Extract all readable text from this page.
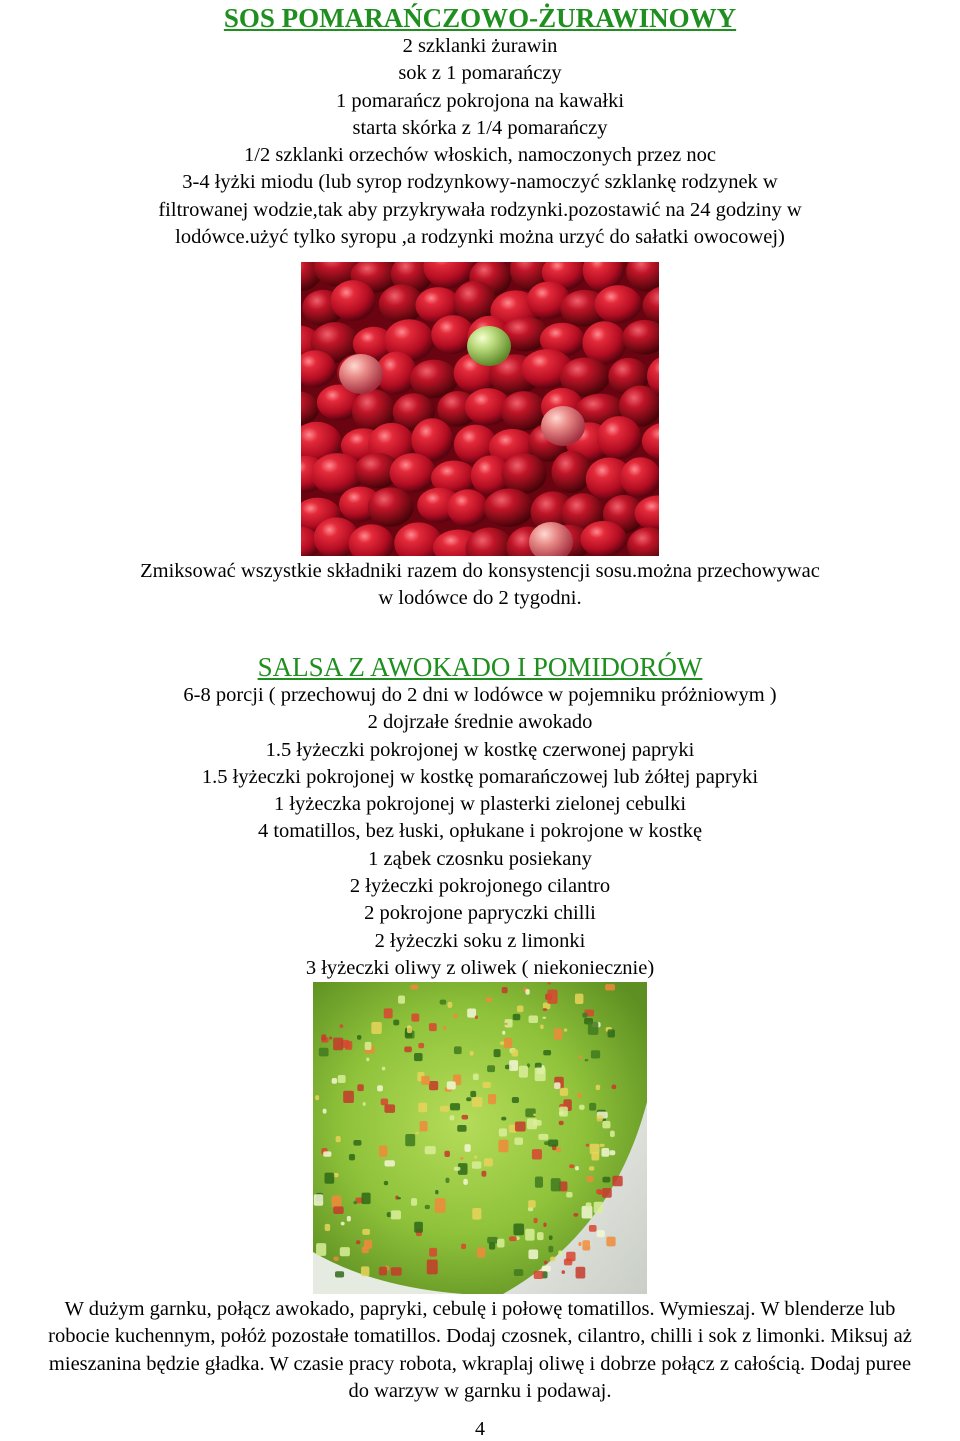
SOS POMARAŃCZOWO-ŻURAWINOWY
2 szklanki żurawin
sok z 1 pomarańczy
1 pomarańcz pokrojona na kawałki
starta skórka z 1/4 pomarańczy
1/2 szklanki orzechów włoskich, namoczonych przez noc
3-4 łyżki miodu (lub syrop rodzynkowy-namoczyć szklankę rodzynek w
filtrowanej wodzie,tak aby przykrywała rodzynki.pozostawić na 24 godziny w
lodówce.użyć tylko syropu ,a rodzynki można urzyć do sałatki owocowej)
Zmiksować wszystkie składniki razem do konsystencji sosu.można przechowywac
w lodówce do 2 tygodni.
SALSA Z AWOKADO I POMIDORÓW
6-8 porcji ( przechowuj do 2 dni w lodówce w pojemniku próżniowym )
2 dojrzałe średnie awokado
1.5 łyżeczki pokrojonej w kostkę czerwonej papryki
1.5 łyżeczki pokrojonej w kostkę pomarańczowej lub żółtej papryki
1 łyżeczka pokrojonej w plasterki zielonej cebulki
4 tomatillos, bez łuski, opłukane i pokrojone w kostkę
1 ząbek czosnku posiekany
2 łyżeczki pokrojonego cilantro
2 pokrojone papryczki chilli
2 łyżeczki soku z limonki
3 łyżeczki oliwy z oliwek ( niekoniecznie)
W dużym garnku, połącz awokado, papryki, cebulę i połowę tomatillos. Wymieszaj. W blenderze lub
robocie kuchennym, połóż pozostałe tomatillos. Dodaj czosnek, cilantro, chilli i sok z limonki. Miksuj aż
mieszanina będzie gładka. W czasie pracy robota, wkraplaj oliwę i dobrze połącz z całością. Dodaj puree
do warzyw w garnku i podawaj.
4
